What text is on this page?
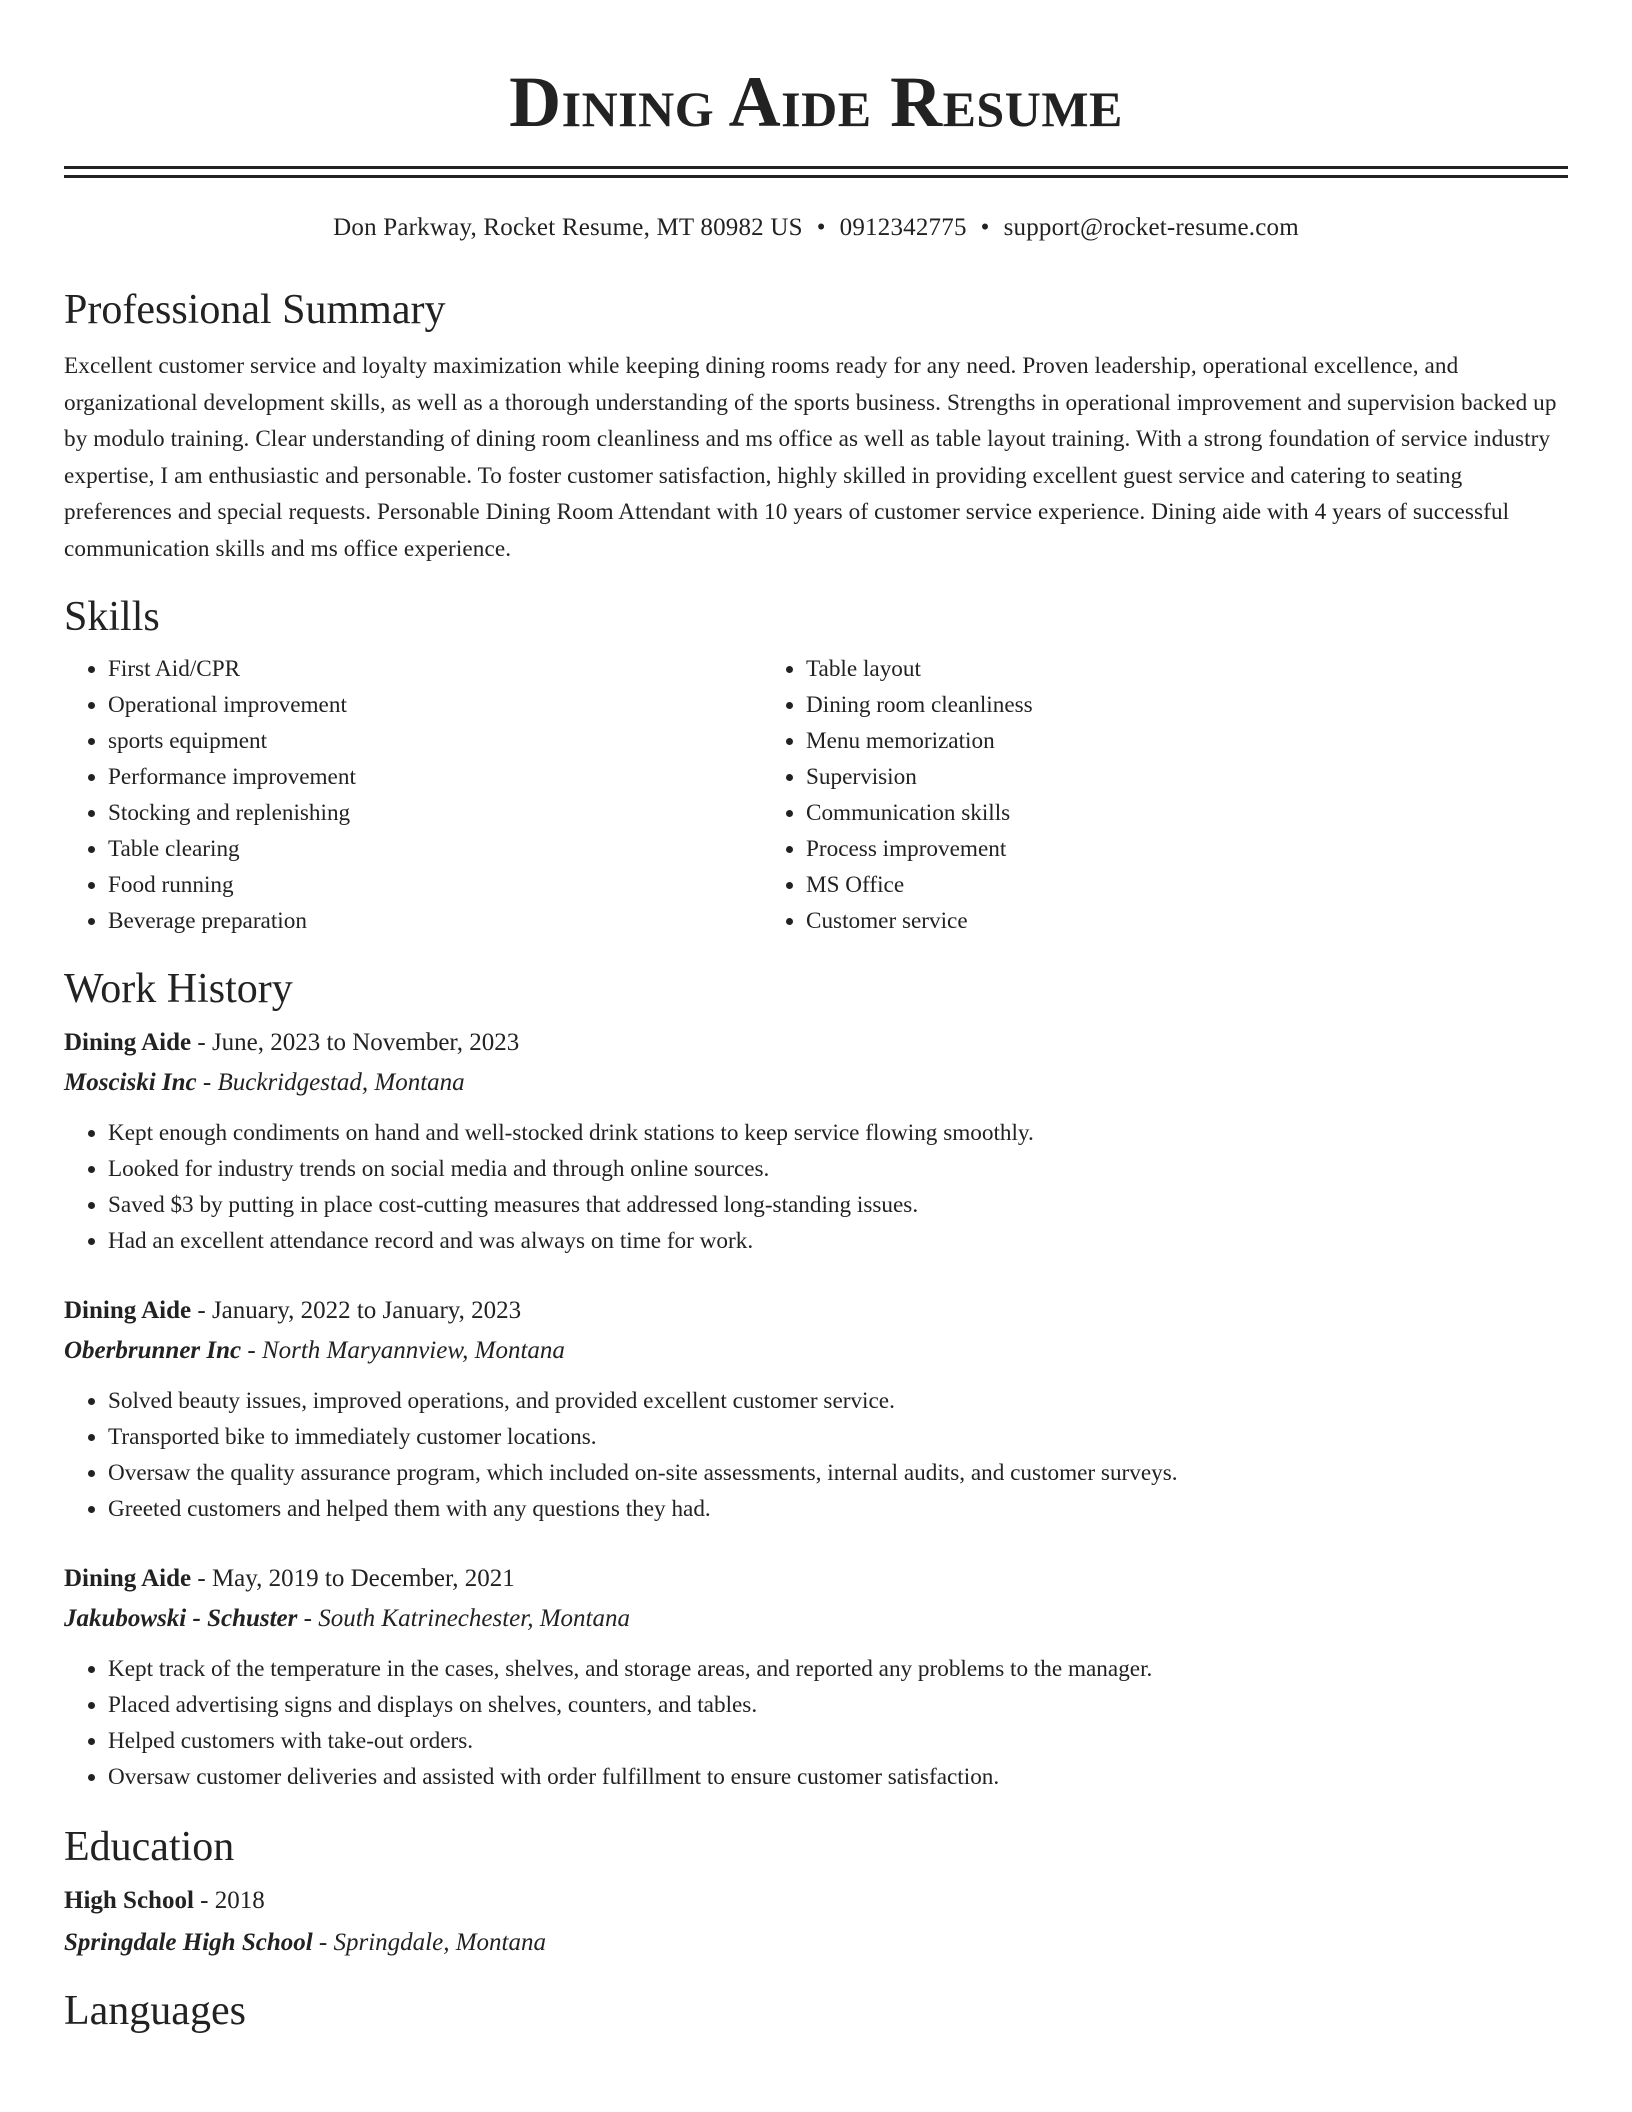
Dining Aide Resume
Don Parkway, Rocket Resume, MT 80982 US • 0912342775 • support@rocket-resume.com
Professional Summary

Excellent customer service and loyalty maximization while keeping dining rooms ready for any need. Proven leadership, operational excellence, and organizational development skills, as well as a thorough understanding of the sports business. Strengths in operational improvement and supervision backed up by modulo training. Clear understanding of dining room cleanliness and ms office as well as table layout training. With a strong foundation of service industry expertise, I am enthusiastic and personable. To foster customer satisfaction, highly skilled in providing excellent guest service and catering to seating preferences and special requests. Personable Dining Room Attendant with 10 years of customer service experience. Dining aide with 4 years of successful communication skills and ms office experience.

Skills
• First Aid/CPR
• Operational improvement
• sports equipment
• Performance improvement
• Stocking and replenishing
• Table clearing
• Food running
• Beverage preparation
• Table layout
• Dining room cleanliness
• Menu memorization
• Supervision
• Communication skills
• Process improvement
• MS Office
• Customer service
Work History
Dining Aide - June, 2023 to November, 2023
Mosciski Inc - Buckridgestad, Montana
• Kept enough condiments on hand and well-stocked drink stations to keep service flowing smoothly.
• Looked for industry trends on social media and through online sources.
• Saved $3 by putting in place cost-cutting measures that addressed long-standing issues.
• Had an excellent attendance record and was always on time for work.
Dining Aide - January, 2022 to January, 2023
Oberbrunner Inc - North Maryannview, Montana
• Solved beauty issues, improved operations, and provided excellent customer service.
• Transported bike to immediately customer locations.
• Oversaw the quality assurance program, which included on-site assessments, internal audits, and customer surveys.
• Greeted customers and helped them with any questions they had.
Dining Aide - May, 2019 to December, 2021
Jakubowski - Schuster - South Katrinechester, Montana
• Kept track of the temperature in the cases, shelves, and storage areas, and reported any problems to the manager.
• Placed advertising signs and displays on shelves, counters, and tables.
• Helped customers with take-out orders.
• Oversaw customer deliveries and assisted with order fulfillment to ensure customer satisfaction.
Education
High School - 2018
Springdale High School - Springdale, Montana
Languages
